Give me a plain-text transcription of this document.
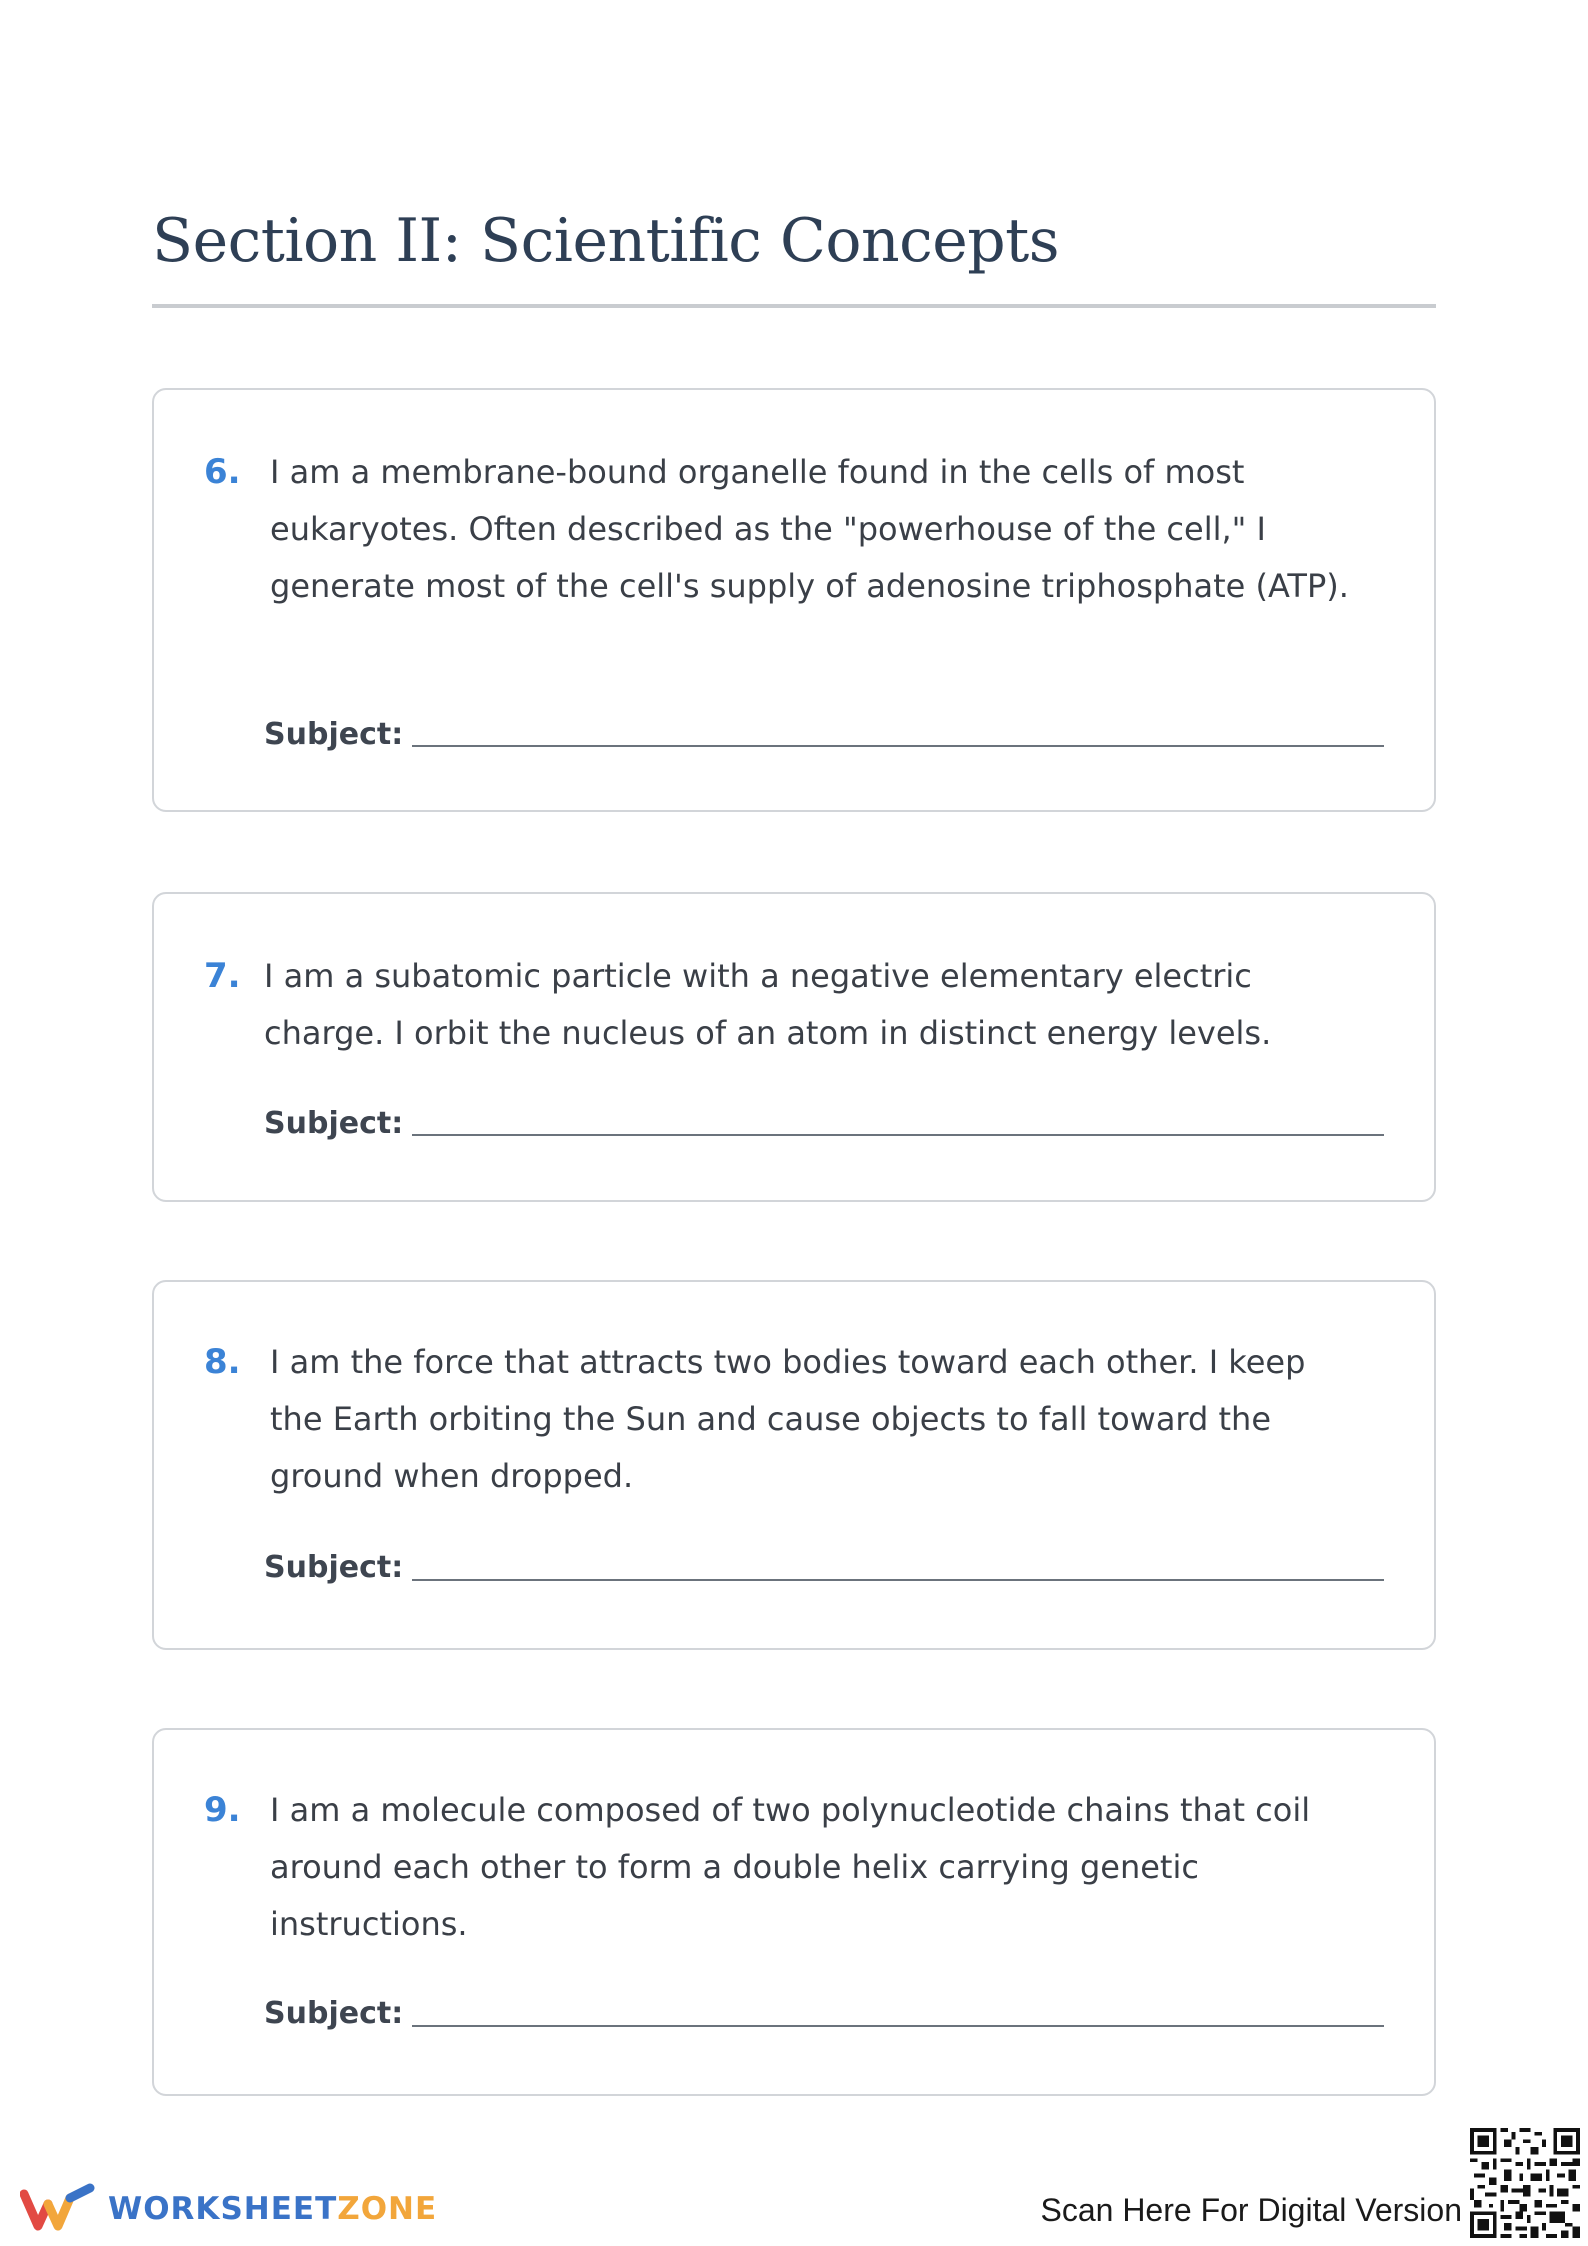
Section II: Scientific Concepts
6. I am a membrane-bound organelle found in the cells of most eukaryotes. Often described as the "powerhouse of the cell," I generate most of the cell's supply of adenosine triphosphate (ATP).

Subject:
7. I am a subatomic particle with a negative elementary electric charge. I orbit the nucleus of an atom in distinct energy levels.

Subject:
8. I am the force that attracts two bodies toward each other. I keep the Earth orbiting the Sun and cause objects to fall toward the ground when dropped.

Subject:
9. I am a molecule composed of two polynucleotide chains that coil around each other to form a double helix carrying genetic instructions.

Subject:
WORKSHEETZONE	Scan Here For Digital Version
